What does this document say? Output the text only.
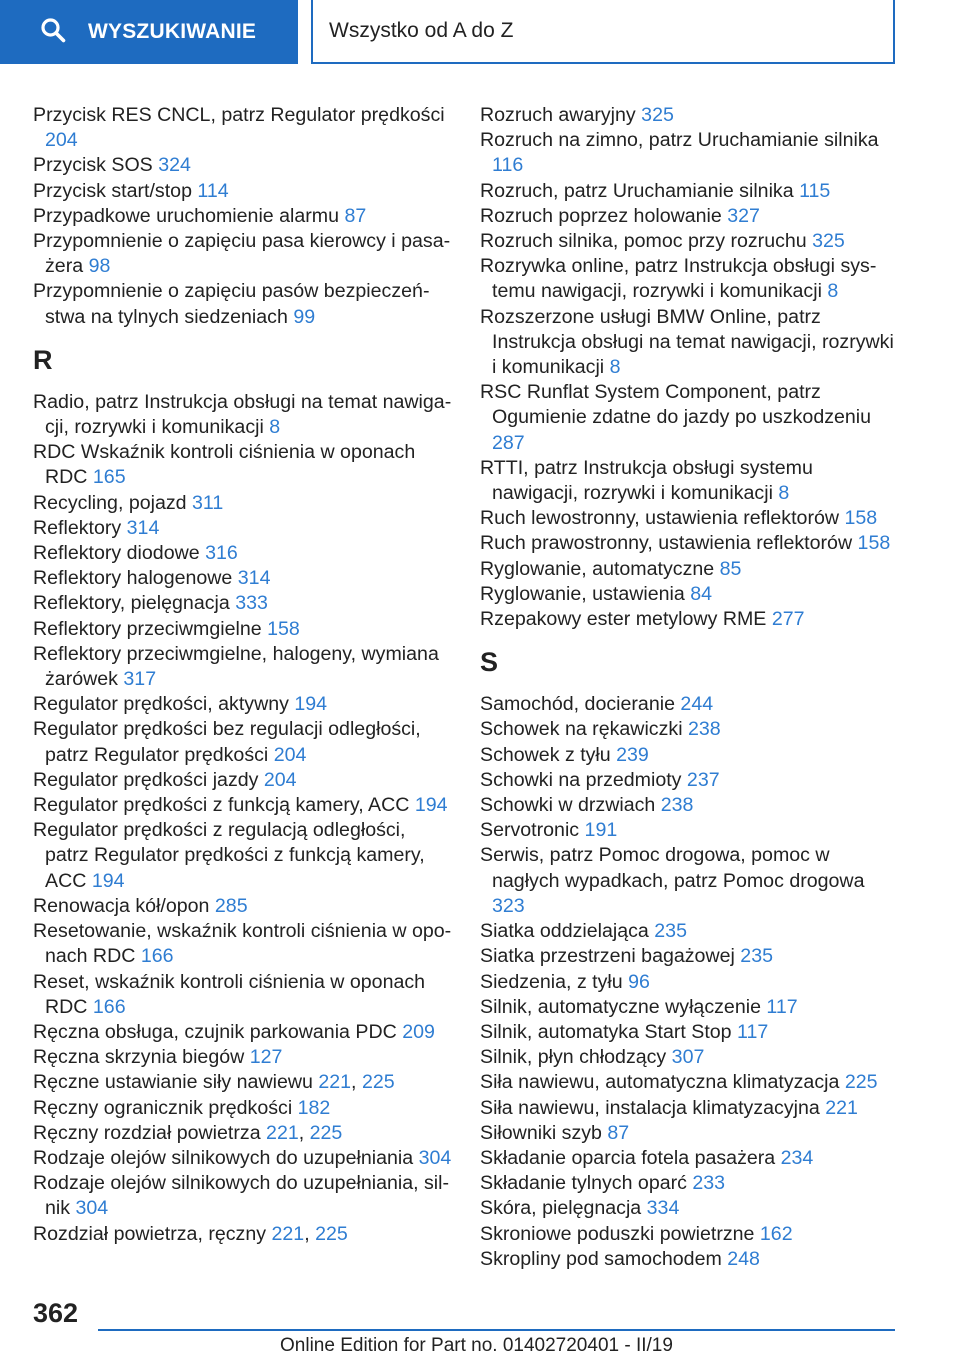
WYSZUKIWANIE	Wszystko od A do Z
Przycisk RES CNCL, patrz Regulator prędkości 204
Przycisk SOS 324
Przycisk start/stop 114
Przypadkowe uruchomienie alarmu 87
Przypomnienie o zapięciu pasa kierowcy i pasażera 98
Przypomnienie o zapięciu pasów bezpieczeństwa na tylnych siedzeniach 99
R
Radio, patrz Instrukcja obsługi na temat nawigacji, rozrywki i komunikacji 8
RDC Wskaźnik kontroli ciśnienia w oponach RDC 165
Recycling, pojazd 311
Reflektory 314
Reflektory diodowe 316
Reflektory halogenowe 314
Reflektory, pielęgnacja 333
Reflektory przeciwmgielne 158
Reflektory przeciwmgielne, halogeny, wymiana żarówek 317
Regulator prędkości, aktywny 194
Regulator prędkości bez regulacji odległości, patrz Regulator prędkości 204
Regulator prędkości jazdy 204
Regulator prędkości z funkcją kamery, ACC 194
Regulator prędkości z regulacją odległości, patrz Regulator prędkości z funkcją kamery, ACC 194
Renowacja kół/opon 285
Resetowanie, wskaźnik kontroli ciśnienia w oponach RDC 166
Reset, wskaźnik kontroli ciśnienia w oponach RDC 166
Ręczna obsługa, czujnik parkowania PDC 209
Ręczna skrzynia biegów 127
Ręczne ustawianie siły nawiewu 221, 225
Ręczny ogranicznik prędkości 182
Ręczny rozdział powietrza 221, 225
Rodzaje olejów silnikowych do uzupełniania 304
Rodzaje olejów silnikowych do uzupełniania, silnik 304
Rozdział powietrza, ręczny 221, 225
Rozruch awaryjny 325
Rozruch na zimno, patrz Uruchamianie silnika 116
Rozruch, patrz Uruchamianie silnika 115
Rozruch poprzez holowanie 327
Rozruch silnika, pomoc przy rozruchu 325
Rozrywka online, patrz Instrukcja obsługi systemu nawigacji, rozrywki i komunikacji 8
Rozszerzone usługi BMW Online, patrz Instrukcja obsługi na temat nawigacji, rozrywki i komunikacji 8
RSC Runflat System Component, patrz Ogumienie zdatne do jazdy po uszkodzeniu 287
RTTI, patrz Instrukcja obsługi systemu nawigacji, rozrywki i komunikacji 8
Ruch lewostronny, ustawienia reflektorów 158
Ruch prawostronny, ustawienia reflektorów 158
Ryglowanie, automatyczne 85
Ryglowanie, ustawienia 84
Rzepakowy ester metylowy RME 277
S
Samochód, docieranie 244
Schowek na rękawiczki 238
Schowek z tyłu 239
Schowki na przedmioty 237
Schowki w drzwiach 238
Servotronic 191
Serwis, patrz Pomoc drogowa, pomoc w nagłych wypadkach, patrz Pomoc drogowa 323
Siatka oddzielająca 235
Siatka przestrzeni bagażowej 235
Siedzenia, z tyłu 96
Silnik, automatyczne wyłączenie 117
Silnik, automatyka Start Stop 117
Silnik, płyn chłodzący 307
Siła nawiewu, automatyczna klimatyzacja 225
Siła nawiewu, instalacja klimatyzacyjna 221
Siłowniki szyb 87
Składanie oparcia fotela pasażera 234
Składanie tylnych oparć 233
Skóra, pielęgnacja 334
Skroniowe poduszki powietrzne 162
Skropliny pod samochodem 248
362
Online Edition for Part no. 01402720401 - II/19
